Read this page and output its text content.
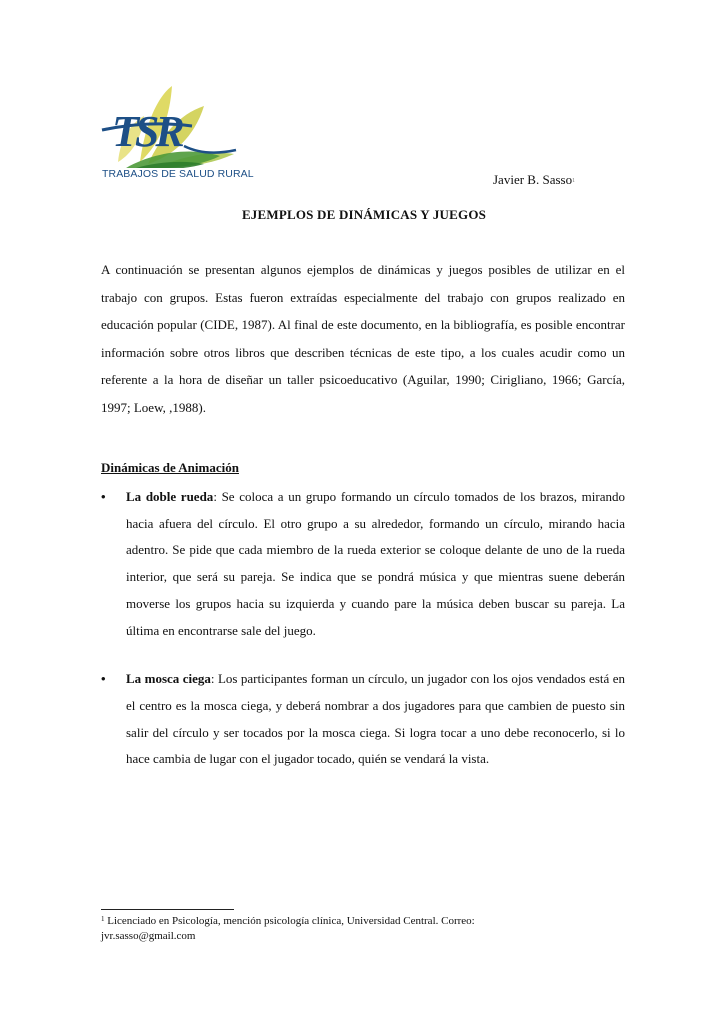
TSR
TRABAJOS DE SALUD RURAL	Javier B. Sasso$^1$
EJEMPLOS DE DINÁMICAS Y JUEGOS

A continuación se presentan algunos ejemplos de dinámicas y juegos posibles de utilizar en el trabajo con grupos. Estas fueron extraídas especialmente del trabajo con grupos realizado en educación popular (CIDE, 1987). Al final de este documento, en la bibliografía, es posible encontrar información sobre otros libros que describen técnicas de este tipo, a los cuales acudir como un referente a la hora de diseñar un taller psicoeducativo (Aguilar, 1990; Cirigliano, 1966; García, 1997; Loew, ,1988).

Dinámicas de Animación
• La doble rueda: Se coloca a un grupo formando un círculo tomados de los brazos, mirando hacia afuera del círculo. El otro grupo a su alrededor, formando un círculo, mirando hacia adentro. Se pide que cada miembro de la rueda exterior se coloque delante de uno de la rueda interior, que será su pareja. Se indica que se pondrá música y que mientras suene deberán moverse los grupos hacia su izquierda y cuando pare la música deben buscar su pareja. La última en encontrarse sale del juego.
• La mosca ciega: Los participantes forman un círculo, un jugador con los ojos vendados está en el centro es la mosca ciega, y deberá nombrar a dos jugadores para que cambien de puesto sin salir del círculo y ser tocados por la mosca ciega. Si logra tocar a uno debe reconocerlo, si lo hace cambia de lugar con el jugador tocado, quién se vendará la vista.

$^1$ Licenciado en Psicología, mención psicología clínica, Universidad Central. Correo: jvr.sasso@gmail.com
